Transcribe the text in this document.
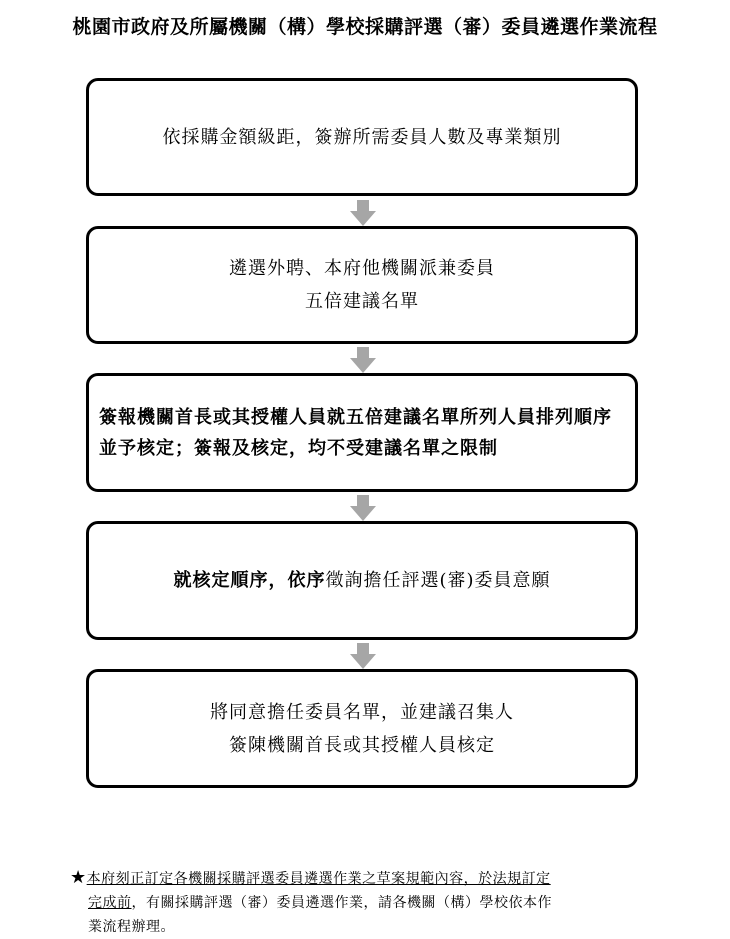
桃園市政府及所屬機關（構）學校採購評選（審）委員遴選作業流程
依採購金額級距，簽辦所需委員人數及專業類別
遴選外聘、本府他機關派兼委員
五倍建議名單
簽報機關首長或其授權人員就五倍建議名單所列人員排列順序並予核定；簽報及核定，均不受建議名單之限制
就核定順序，依序徵詢擔任評選(審)委員意願
將同意擔任委員名單，並建議召集人
簽陳機關首長或其授權人員核定
★本府刻正訂定各機關採購評選委員遴選作業之草案規範內容，於法規訂定
完成前，有關採購評選（審）委員遴選作業，請各機關（構）學校依本作
業流程辦理。
